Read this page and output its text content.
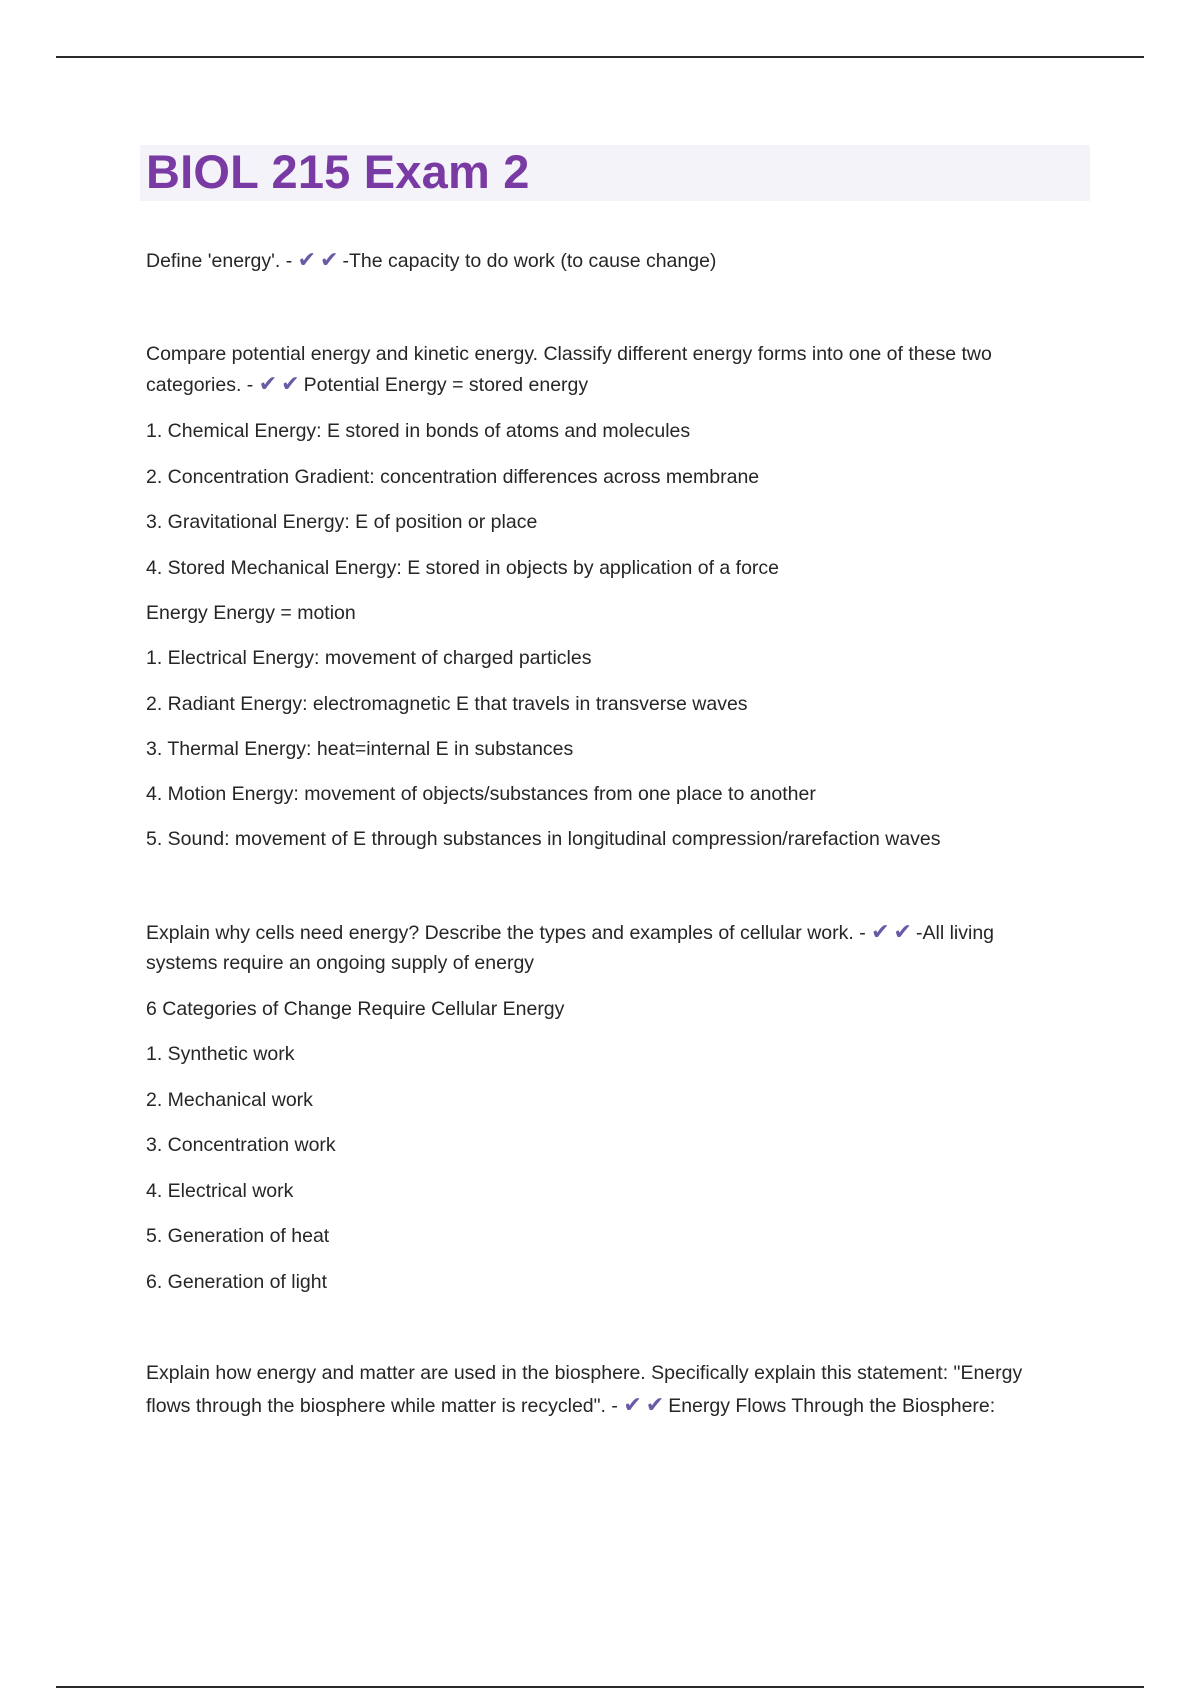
BIOL 215 Exam 2

Define 'energy'. - ✔ ✔ -The capacity to do work (to cause change)

Compare potential energy and kinetic energy. Classify different energy forms into one of these two

categories. - ✔ ✔ Potential Energy = stored energy

1. Chemical Energy: E stored in bonds of atoms and molecules

2. Concentration Gradient: concentration differences across membrane

3. Gravitational Energy: E of position or place

4. Stored Mechanical Energy: E stored in objects by application of a force

Energy Energy = motion

1. Electrical Energy: movement of charged particles

2. Radiant Energy: electromagnetic E that travels in transverse waves

3. Thermal Energy: heat=internal E in substances

4. Motion Energy: movement of objects/substances from one place to another

5. Sound: movement of E through substances in longitudinal compression/rarefaction waves

Explain why cells need energy? Describe the types and examples of cellular work. - ✔ ✔ -All living

systems require an ongoing supply of energy

6 Categories of Change Require Cellular Energy

1. Synthetic work

2. Mechanical work

3. Concentration work

4. Electrical work

5. Generation of heat

6. Generation of light

Explain how energy and matter are used in the biosphere. Specifically explain this statement: "Energy

flows through the biosphere while matter is recycled". - ✔ ✔ Energy Flows Through the Biosphere:
